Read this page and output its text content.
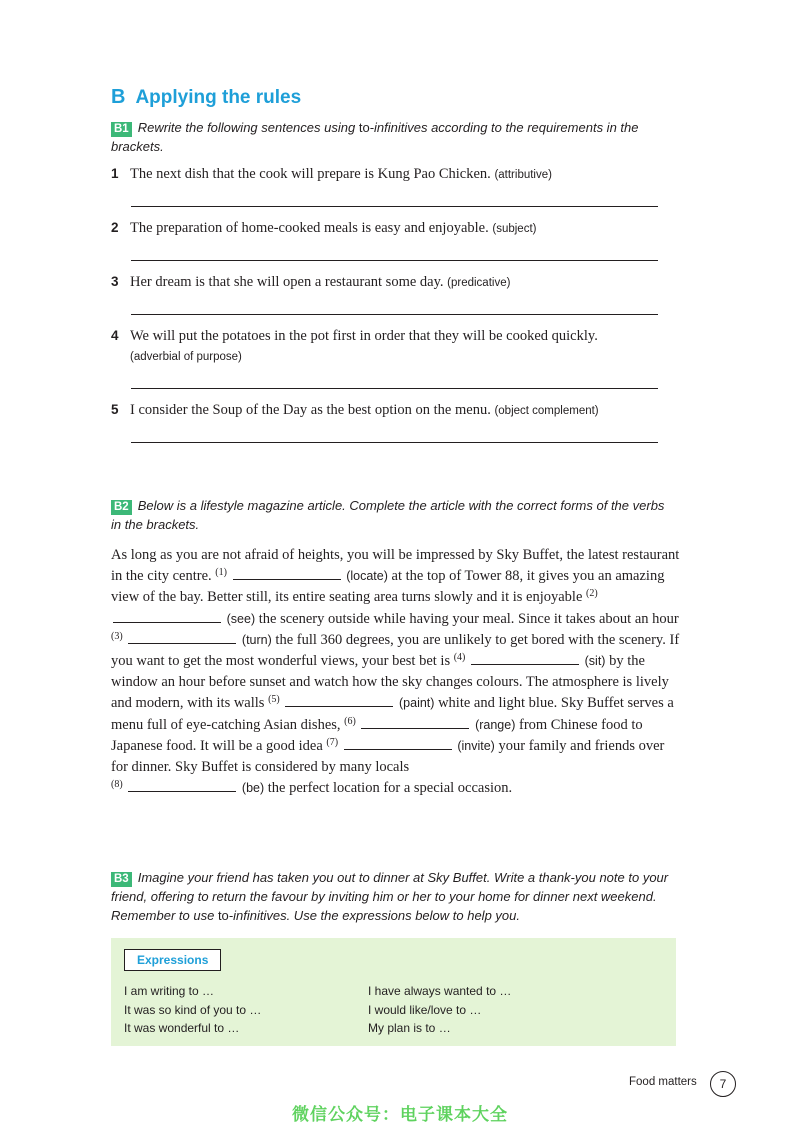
B Applying the rules
B1 Rewrite the following sentences using to-infinitives according to the requirements in the brackets.
1 The next dish that the cook will prepare is Kung Pao Chicken. (attributive)
2 The preparation of home-cooked meals is easy and enjoyable. (subject)
3 Her dream is that she will open a restaurant some day. (predicative)
4 We will put the potatoes in the pot first in order that they will be cooked quickly.
(adverbial of purpose)
5 I consider the Soup of the Day as the best option on the menu. (object complement)
B2 Below is a lifestyle magazine article. Complete the article with the correct forms of the verbs in the brackets.
As long as you are not afraid of heights, you will be impressed by Sky Buffet, the latest restaurant in the city centre. $^{(1)}$	(locate) at the top of Tower 88, it gives you an amazing view of the bay. Better still, its entire seating area turns slowly and it is enjoyable $^{(2)}$  (see) the scenery outside while having your meal. Since it takes about an hour $^{(3)}$	(turn) the full 360 degrees, you are unlikely to get bored with the scenery. If you want to get the most wonderful views, your best bet is $^{(4)}$	(sit) by the window an hour before sunset and watch how the sky changes colours. The atmosphere is lively and modern, with its walls $^{(5)}$	(paint) white and light blue. Sky Buffet serves a menu full of eye-catching Asian dishes, $^{(6)}$	(range) from Chinese food to Japanese food. It will be a good idea $^{(7)}$	(invite) your family and friends over for dinner. Sky Buffet is considered by many locals
$^{(8)}$	(be) the perfect location for a special occasion.
B3 Imagine your friend has taken you out to dinner at Sky Buffet. Write a thank-you note to your friend, offering to return the favour by inviting him or her to your home for dinner next weekend. Remember to use to-infinitives. Use the expressions below to help you.
Expressions
I am writing to …
It was so kind of you to …
It was wonderful to …
I have always wanted to …
I would like/love to …
My plan is to …
Food matters	7
微信公众号：电子课本大全
